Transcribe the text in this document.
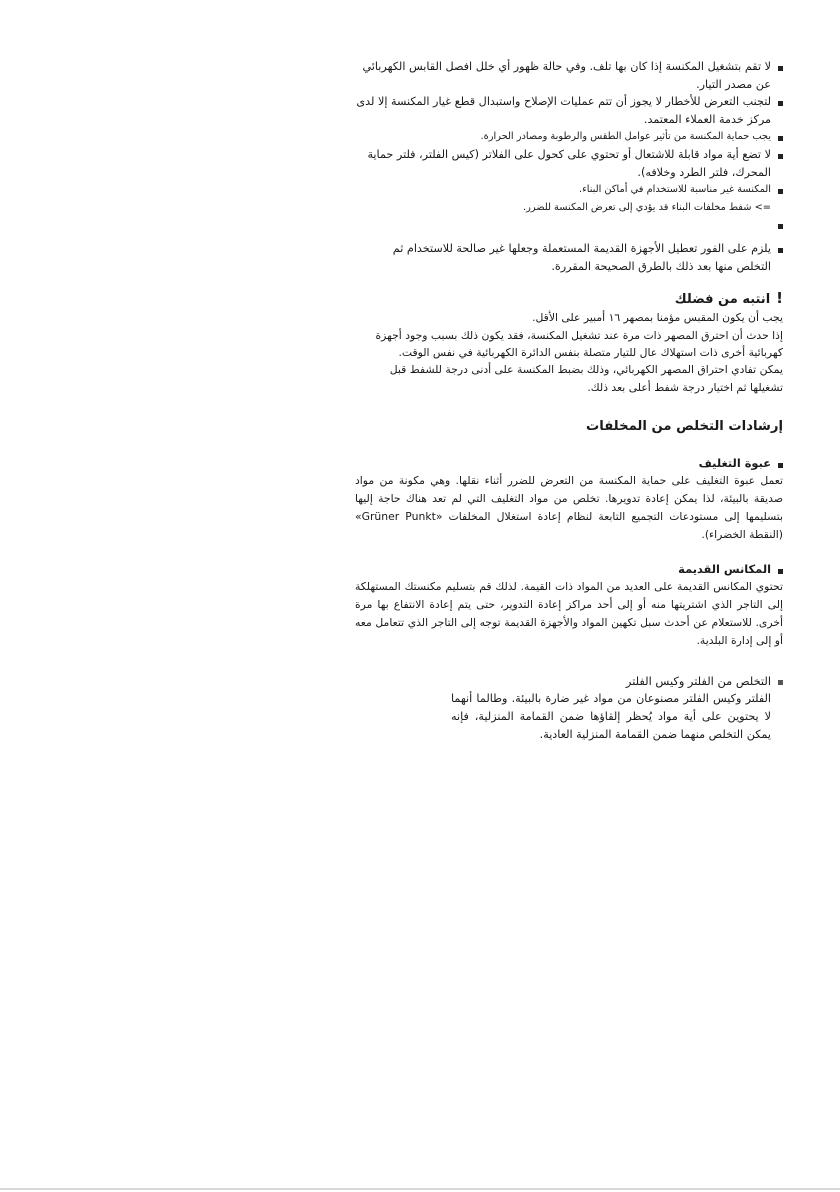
لا تقم بتشغيل المكنسة إذا كان بها تلف. وفي حالة ظهور أي خلل افصل القابس الكهربائي عن مصدر التيار.
لتجنب التعرض للأخطار لا يجوز أن تتم عمليات الإصلاح واستبدال قطع غيار المكنسة إلا لدى مركز خدمة العملاء المعتمد.
يجب حماية المكنسة من تأثير عوامل الطقس والرطوبة ومصادر الحرارة.
لا تضع أية مواد قابلة للاشتعال أو تحتوي على كحول على الفلاتر (كيس الفلتر، فلتر حماية المحرك، فلتر الطرد وخلافه).
المكنسة غير مناسبة للاستخدام في أماكن البناء.
=> شفط مخلفات البناء قد يؤدي إلى تعرض المكنسة للضرر.

يلزم على الفور تعطيل الأجهزة القديمة المستعملة وجعلها غير صالحة للاستخدام ثم التخلص منها بعد ذلك بالطرق الصحيحة المقررة.
!انتبه من فضلك
يجب أن يكون المقبس مؤمنا بمصهر ١٦ أمبير على الأقل.
إذا حدث أن احترق المصهر ذات مرة عند تشغيل المكنسة، فقد يكون ذلك بسبب وجود أجهزة كهربائية أخرى ذات استهلاك عال للتيار متصلة بنفس الدائرة الكهربائية في نفس الوقت.
يمكن تفادي احتراق المصهر الكهربائي، وذلك بضبط المكنسة على أدنى درجة للشفط قبل تشغيلها ثم اختيار درجة شفط أعلى بعد ذلك.
إرشادات التخلص من المخلفات
عبوة التغليف
تعمل عبوة التغليف على حماية المكنسة من التعرض للضرر أثناء نقلها. وهي مكونة من مواد صديقة بالبيئة، لذا يمكن إعادة تدويرها. تخلص من مواد التغليف التي لم تعد هناك حاجة إليها بتسليمها إلى مستودعات التجميع التابعة لنظام إعادة استغلال المخلفات «Grüner Punkt» (النقطة الخضراء).
المكانس القديمة
تحتوي المكانس القديمة على العديد من المواد ذات القيمة. لذلك قم بتسليم مكنستك المستهلكة إلى التاجر الذي اشتريتها منه أو إلى أحد مراكز إعادة التدوير، حتى يتم إعادة الانتفاع بها مرة أخرى. للاستعلام عن أحدث سبل تكهين المواد والأجهزة القديمة توجه إلى التاجر الذي تتعامل معه أو إلى إدارة البلدية.
التخلص من الفلتر وكيس الفلتر
الفلتر وكيس الفلتر مصنوعان من مواد غير ضارة بالبيئة. وطالما أنهما لا يحتوين على أية مواد يُحظر إلقاؤها ضمن القمامة المنزلية، فإنه يمكن التخلص منهما ضمن القمامة المنزلية العادية.
